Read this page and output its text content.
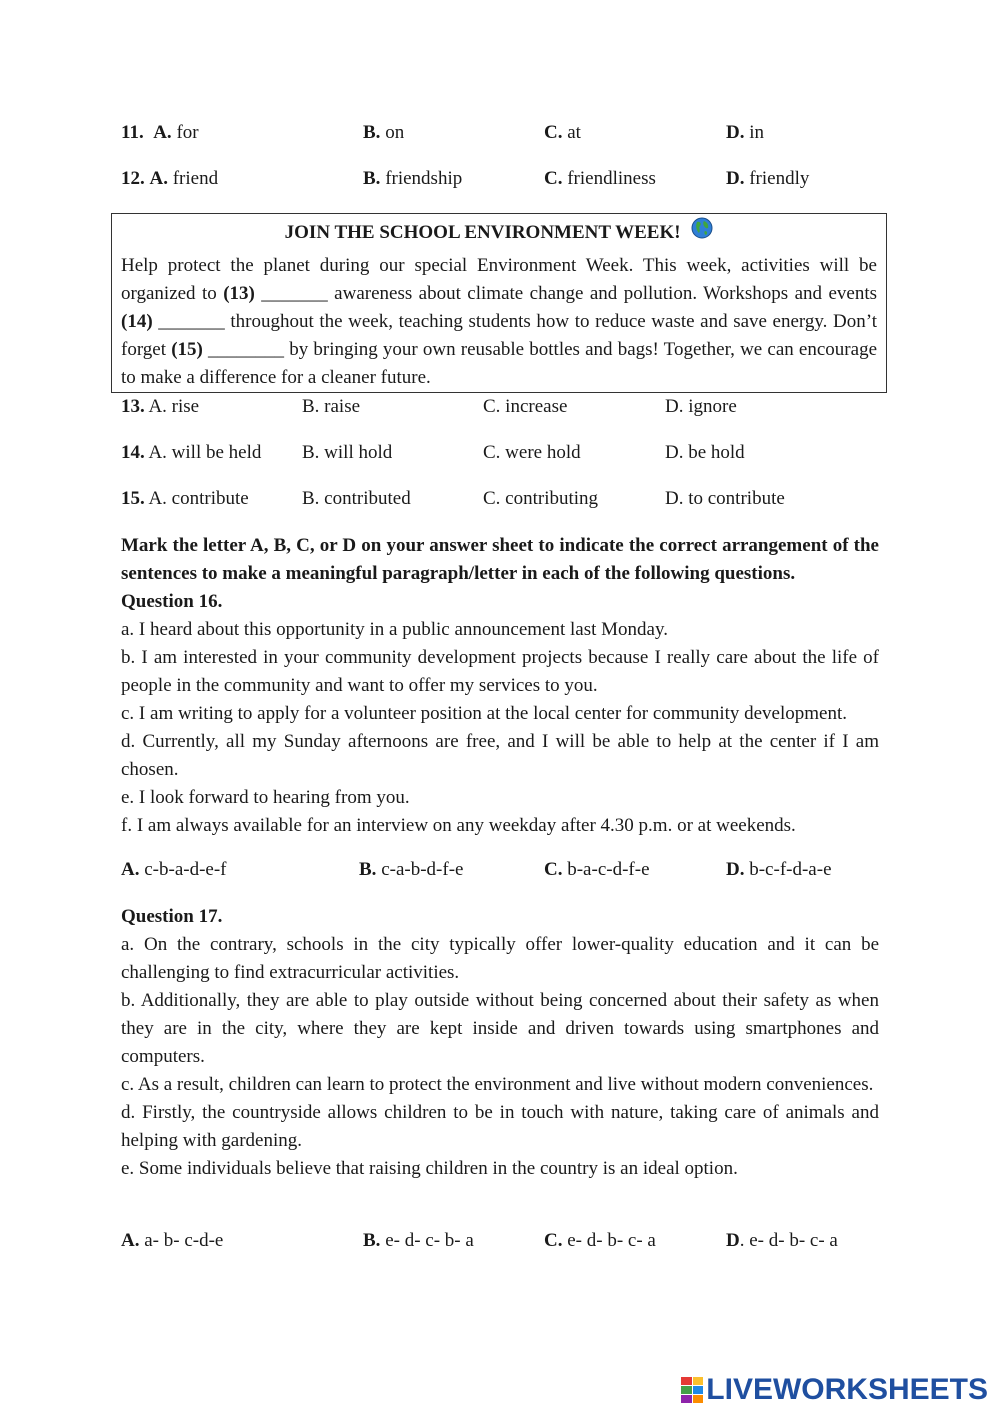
11. A. for	B. on	C. at	D. in
12. A. friend	B. friendship	C. friendliness	D. friendly
JOIN THE SCHOOL ENVIRONMENT WEEK!
Help protect the planet during our special Environment Week. This week, activities will be organized to (13) _______ awareness about climate change and pollution. Workshops and events (14) _______ throughout the week, teaching students how to reduce waste and save energy. Don’t forget (15) ________ by bringing your own reusable bottles and bags! Together, we can encourage to make a difference for a cleaner future.
13. A. rise	B. raise	C. increase	D. ignore
14. A. will be held B. will hold	C. were hold	D. be hold
15. A. contribute	B. contributed	C. contributing	D. to contribute
Mark the letter A, B, C, or D on your answer sheet to indicate the correct arrangement of the sentences to make a meaningful paragraph/letter in each of the following questions.
Question 16.
a. I heard about this opportunity in a public announcement last Monday.
b. I am interested in your community development projects because I really care about the life of people in the community and want to offer my services to you.
c. I am writing to apply for a volunteer position at the local center for community development.
d. Currently, all my Sunday afternoons are free, and I will be able to help at the center if I am chosen.
e. I look forward to hearing from you.
f. I am always available for an interview on any weekday after 4.30 p.m. or at weekends.
A. c-b-a-d-e-f	B. c-a-b-d-f-e	C. b-a-c-d-f-e	D. b-c-f-d-a-e
Question 17.
a. On the contrary, schools in the city typically offer lower-quality education and it can be challenging to find extracurricular activities.
b. Additionally, they are able to play outside without being concerned about their safety as when they are in the city, where they are kept inside and driven towards using smartphones and computers.
c. As a result, children can learn to protect the environment and live without modern conveniences.
d. Firstly, the countryside allows children to be in touch with nature, taking care of animals and helping with gardening.
e. Some individuals believe that raising children in the country is an ideal option.
A. a- b- c-d-e	B. e- d- c- b- a	C. e- d- b- c- a	D. e- d- b- c- a
LIVEWORKSHEETS
